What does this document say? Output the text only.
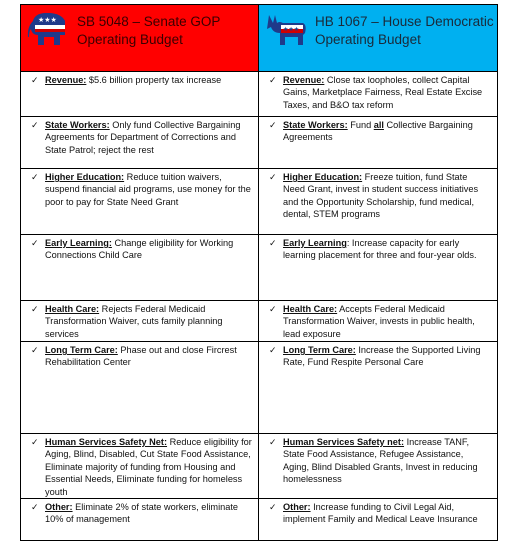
★★★ SB 5048 – Senate GOP Operating Budget
★★★
HB 1067 – House Democratic Operating Budget
✓ Revenue: $5.6 billion property tax increase	✓ Revenue: Close tax loopholes, collect Capital Gains, Marketplace Fairness, Real Estate Excise Taxes, and B&O tax reform
✓ State Workers: Only fund Collective Bargaining Agreements for Department of Corrections and State Patrol; reject the rest
✓ State Workers: Fund all Collective Bargaining Agreements
✓ Higher Education: Reduce tuition waivers, suspend financial aid programs, use money for the poor to pay for State Need Grant
✓ Higher Education: Freeze tuition, fund State Need Grant, invest in student success initiatives and the Opportunity Scholarship, fund medical, dental, STEM programs
✓ Early Learning: Change eligibility for Working Connections Child Care
✓ Early Learning: Increase capacity for early learning placement for three and four-year olds.
✓ Health Care: Rejects Federal Medicaid Transformation Waiver, cuts family planning services
✓ Health Care: Accepts Federal Medicaid Transformation Waiver, invests in public health, lead exposure
✓ Long Term Care: Phase out and close Fircrest Rehabilitation Center
✓ Long Term Care: Increase the Supported Living Rate, Fund Respite Personal Care
✓ Human Services Safety Net: Reduce eligibility for Aging, Blind, Disabled, Cut State Food Assistance, Eliminate majority of funding from Housing and Essential Needs, Eliminate funding for homeless youth
✓ Human Services Safety net: Increase TANF, State Food Assistance, Refugee Assistance, Aging, Blind Disabled Grants, Invest in reducing homelessness
✓ Other: Eliminate 2% of state workers, eliminate 10% of management
✓ Other: Increase funding to Civil Legal Aid, implement Family and Medical Leave Insurance
